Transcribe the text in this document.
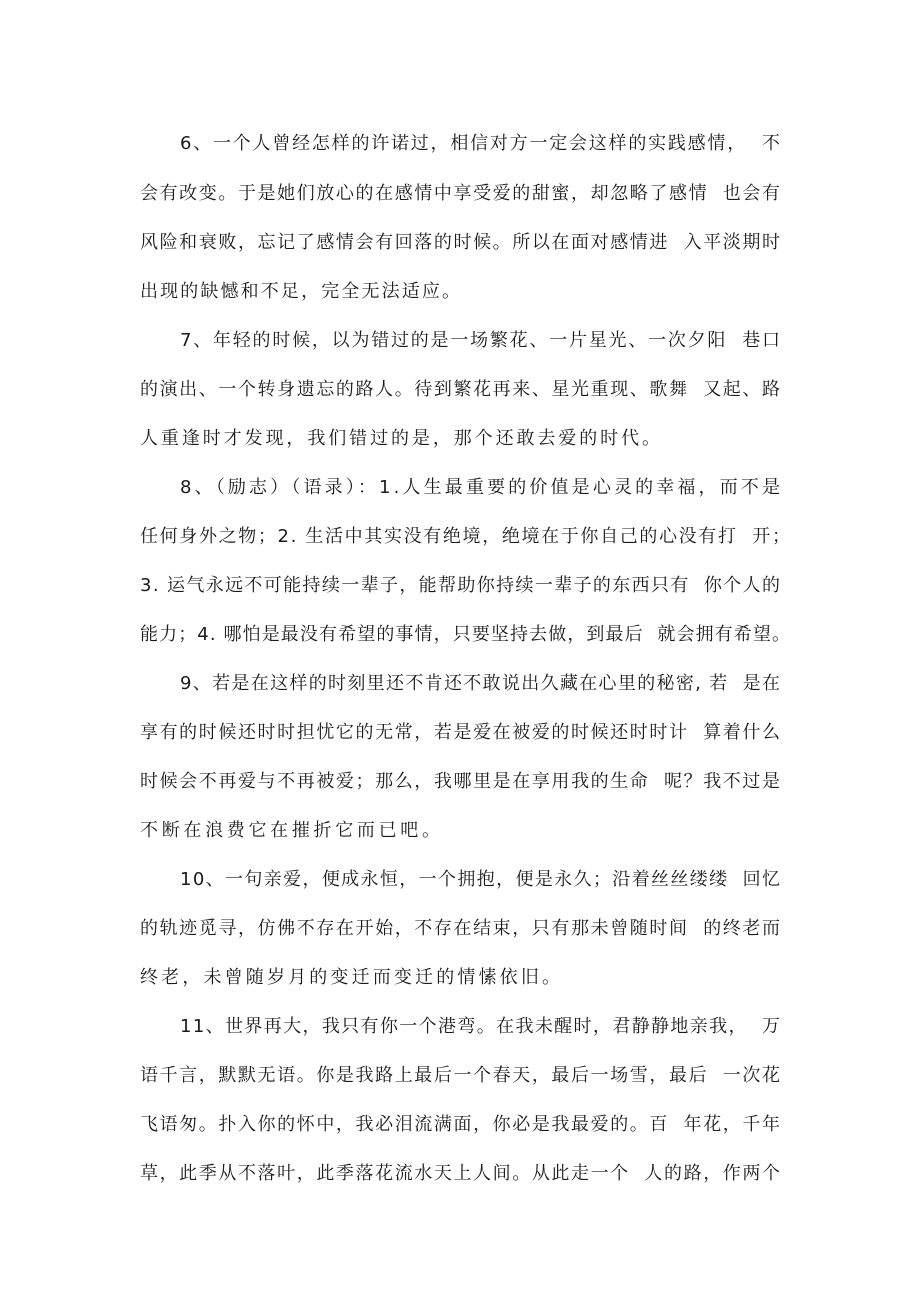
6、一个人曾经怎样的许诺过，相信对方一定会这样的实践感情，  不

会有改变。于是她们放心的在感情中享受爱的甜蜜，却忽略了感情  也会有

风险和衰败，忘记了感情会有回落的时候。所以在面对感情进  入平淡期时

出现的缺憾和不足，完全无法适应。

7、年轻的时候，以为错过的是一场繁花、一片星光、一次夕阳  巷口

的演出、一个转身遗忘的路人。待到繁花再来、星光重现、歌舞  又起、路

人重逢时才发现，我们错过的是，那个还敢去爱的时代。

8、（励志）（语录）：1.人生最重要的价值是心灵的幸福，而不是

任何身外之物；2. 生活中其实没有绝境，绝境在于你自己的心没有打  开；

3. 运气永远不可能持续一辈子，能帮助你持续一辈子的东西只有  你个人的

能力；4. 哪怕是最没有希望的事情，只要坚持去做，到最后  就会拥有希望。

9、若是在这样的时刻里还不肯还不敢说出久藏在心里的秘密, 若  是在

享有的时候还时时担忧它的无常，若是爱在被爱的时候还时时计  算着什么

时候会不再爱与不再被爱；那么，我哪里是在享用我的生命  呢？我不过是

不断在浪费它在摧折它而已吧。

10、一句亲爱，便成永恒，一个拥抱，便是永久；沿着丝丝缕缕  回忆

的轨迹觅寻，仿佛不存在开始，不存在结束，只有那未曾随时间  的终老而

终老，未曾随岁月的变迁而变迁的情愫依旧。

11、世界再大，我只有你一个港弯。在我未醒时，君静静地亲我，  万

语千言，默默无语。你是我路上最后一个春天，最后一场雪，最后  一次花

飞语匆。扑入你的怀中，我必泪流满面，你必是我最爱的。百  年花，千年

草，此季从不落叶，此季落花流水天上人间。从此走一个  人的路，作两个
